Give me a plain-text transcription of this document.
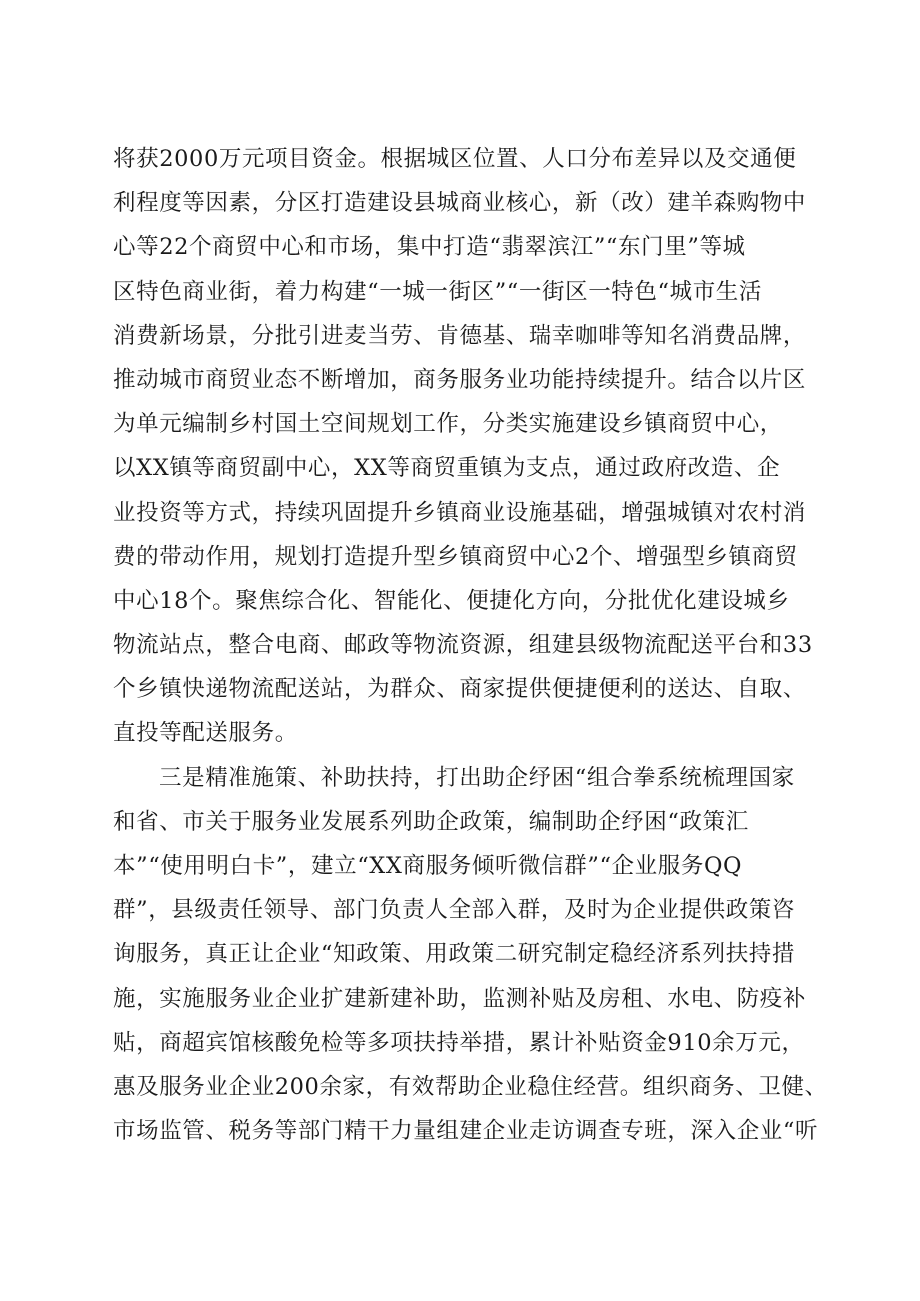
将获2000万元项目资金。根据城区位置、人口分布差异以及交通便
利程度等因素，分区打造建设县城商业核心，新（改）建羊森购物中
心等22个商贸中心和市场，集中打造“翡翠滨江”“东门里”等城
区特色商业街，着力构建“一城一街区”“一街区一特色“城市生活
消费新场景，分批引进麦当劳、肯德基、瑞幸咖啡等知名消费品牌，
推动城市商贸业态不断增加，商务服务业功能持续提升。结合以片区
为单元编制乡村国土空间规划工作，分类实施建设乡镇商贸中心，
以XX镇等商贸副中心，XX等商贸重镇为支点，通过政府改造、企
业投资等方式，持续巩固提升乡镇商业设施基础，增强城镇对农村消
费的带动作用，规划打造提升型乡镇商贸中心2个、增强型乡镇商贸
中心18个。聚焦综合化、智能化、便捷化方向，分批优化建设城乡
物流站点，整合电商、邮政等物流资源，组建县级物流配送平台和33
个乡镇快递物流配送站，为群众、商家提供便捷便利的送达、自取、
直投等配送服务。
三是精准施策、补助扶持，打出助企纾困“组合拳系统梳理国家
和省、市关于服务业发展系列助企政策，编制助企纾困“政策汇
本”“使用明白卡”，建立“XX商服务倾听微信群”“企业服务QQ
群”，县级责任领导、部门负责人全部入群，及时为企业提供政策咨
询服务，真正让企业“知政策、用政策二研究制定稳经济系列扶持措
施，实施服务业企业扩建新建补助，监测补贴及房租、水电、防疫补
贴，商超宾馆核酸免检等多项扶持举措，累计补贴资金910余万元，
惠及服务业企业200余家，有效帮助企业稳住经营。组织商务、卫健、
市场监管、税务等部门精干力量组建企业走访调查专班，深入企业“听
